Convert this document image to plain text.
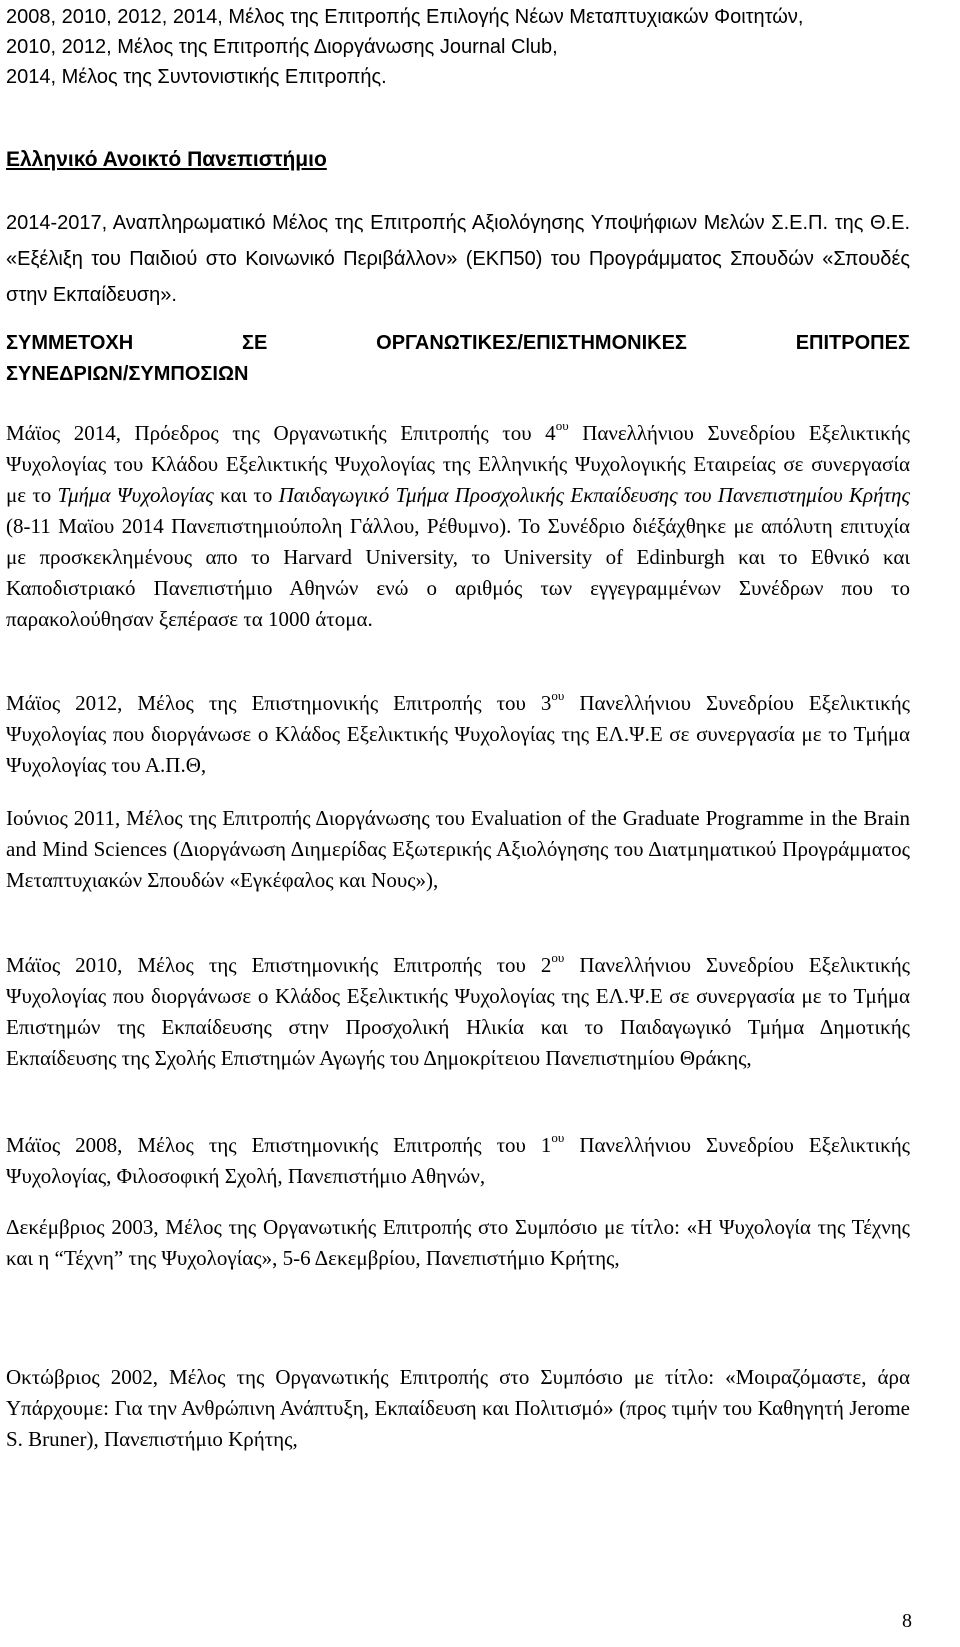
2008, 2010, 2012, 2014, Μέλος της Επιτροπής Επιλογής Νέων Μεταπτυχιακών Φοιτητών,

2010, 2012, Μέλος της Επιτροπής Διοργάνωσης Journal Club,

2014, Μέλος της Συντονιστικής Επιτροπής.

Ελληνικό Ανοικτό Πανεπιστήμιο

2014-2017, Αναπληρωματικό Μέλος της Επιτροπής Αξιολόγησης Υποψήφιων Μελών Σ.Ε.Π. της Θ.Ε. «Εξέλιξη του Παιδιού στο Κοινωνικό Περιβάλλον» (ΕΚΠ50) του Προγράμματος Σπουδών «Σπουδές στην Εκπαίδευση».

ΣΥΜΜΕΤΟΧΗ	ΣΕ	ΟΡΓΑΝΩΤΙΚΕΣ/ΕΠΙΣΤΗΜΟΝΙΚΕΣ	ΕΠΙΤΡΟΠΕΣ
ΣΥΝΕΔΡΙΩΝ/ΣΥΜΠΟΣΙΩΝ

Μάϊος 2014, Πρόεδρος της Οργανωτικής Επιτροπής του $4^{o\upsilon}$ Πανελλήνιου Συνεδρίου Εξελικτικής Ψυχολογίας του Κλάδου Εξελικτικής Ψυχολογίας της Ελληνικής Ψυχολογικής Εταιρείας σε συνεργασία με το Τμήμα Ψυχολογίας και το Παιδαγωγικό Τμήμα Προσχολικής Εκπαίδευσης του Πανεπιστημίου Κρήτης (8-11 Μαϊου 2014 Πανεπιστημιούπολη Γάλλου, Ρέθυμνο). Το Συνέδριο διέξάχθηκε με απόλυτη επιτυχία με προσκεκλημένους απο το Harvard University, το University of Edinburgh και το Εθνικό και Καποδιστριακό Πανεπιστήμιο Αθηνών ενώ ο αριθμός των εγγεγραμμένων Συνέδρων που το παρακολούθησαν ξεπέρασε τα 1000 άτομα.

Μάϊος 2012, Μέλος της Επιστημονικής Επιτροπής του $3^{o\upsilon}$ Πανελλήνιου Συνεδρίου Εξελικτικής Ψυχολογίας που διοργάνωσε ο Κλάδος Εξελικτικής Ψυχολογίας της ΕΛ.Ψ.Ε σε συνεργασία με το Τμήμα Ψυχολογίας του Α.Π.Θ,

Ιούνιος 2011, Μέλος της Επιτροπής Διοργάνωσης του Evaluation of the Graduate Programme in the Brain and Mind Sciences (Διοργάνωση Διημερίδας Εξωτερικής Αξιολόγησης του Διατμηματικού Προγράμματος Μεταπτυχιακών Σπουδών «Εγκέφαλος και Νους»),

Μάϊος 2010, Μέλος της Επιστημονικής Επιτροπής του $2^{o\upsilon}$ Πανελλήνιου Συνεδρίου Εξελικτικής Ψυχολογίας που διοργάνωσε ο Κλάδος Εξελικτικής Ψυχολογίας της ΕΛ.Ψ.Ε σε συνεργασία με το Τμήμα Επιστημών της Εκπαίδευσης στην Προσχολική Ηλικία και το Παιδαγωγικό Τμήμα Δημοτικής Εκπαίδευσης της Σχολής Επιστημών Αγωγής του Δημοκρίτειου Πανεπιστημίου Θράκης,

Μάϊος 2008, Μέλος της Επιστημονικής Επιτροπής του $1^{o\upsilon}$ Πανελλήνιου Συνεδρίου Εξελικτικής Ψυχολογίας, Φιλοσοφική Σχολή, Πανεπιστήμιο Αθηνών,

Δεκέμβριος 2003, Μέλος της Οργανωτικής Επιτροπής στο Συμπόσιο με τίτλο: «Η Ψυχολογία της Τέχνης και η “Τέχνη” της Ψυχολογίας», 5-6 Δεκεμβρίου, Πανεπιστήμιο Κρήτης,

Οκτώβριος 2002, Μέλος της Οργανωτικής Επιτροπής στο Συμπόσιο με τίτλο: «Μοιραζόμαστε, άρα Υπάρχουμε: Για την Ανθρώπινη Ανάπτυξη, Εκπαίδευση και Πολιτισμό» (προς τιμήν του Καθηγητή Jerome S. Bruner), Πανεπιστήμιο Κρήτης,

8
